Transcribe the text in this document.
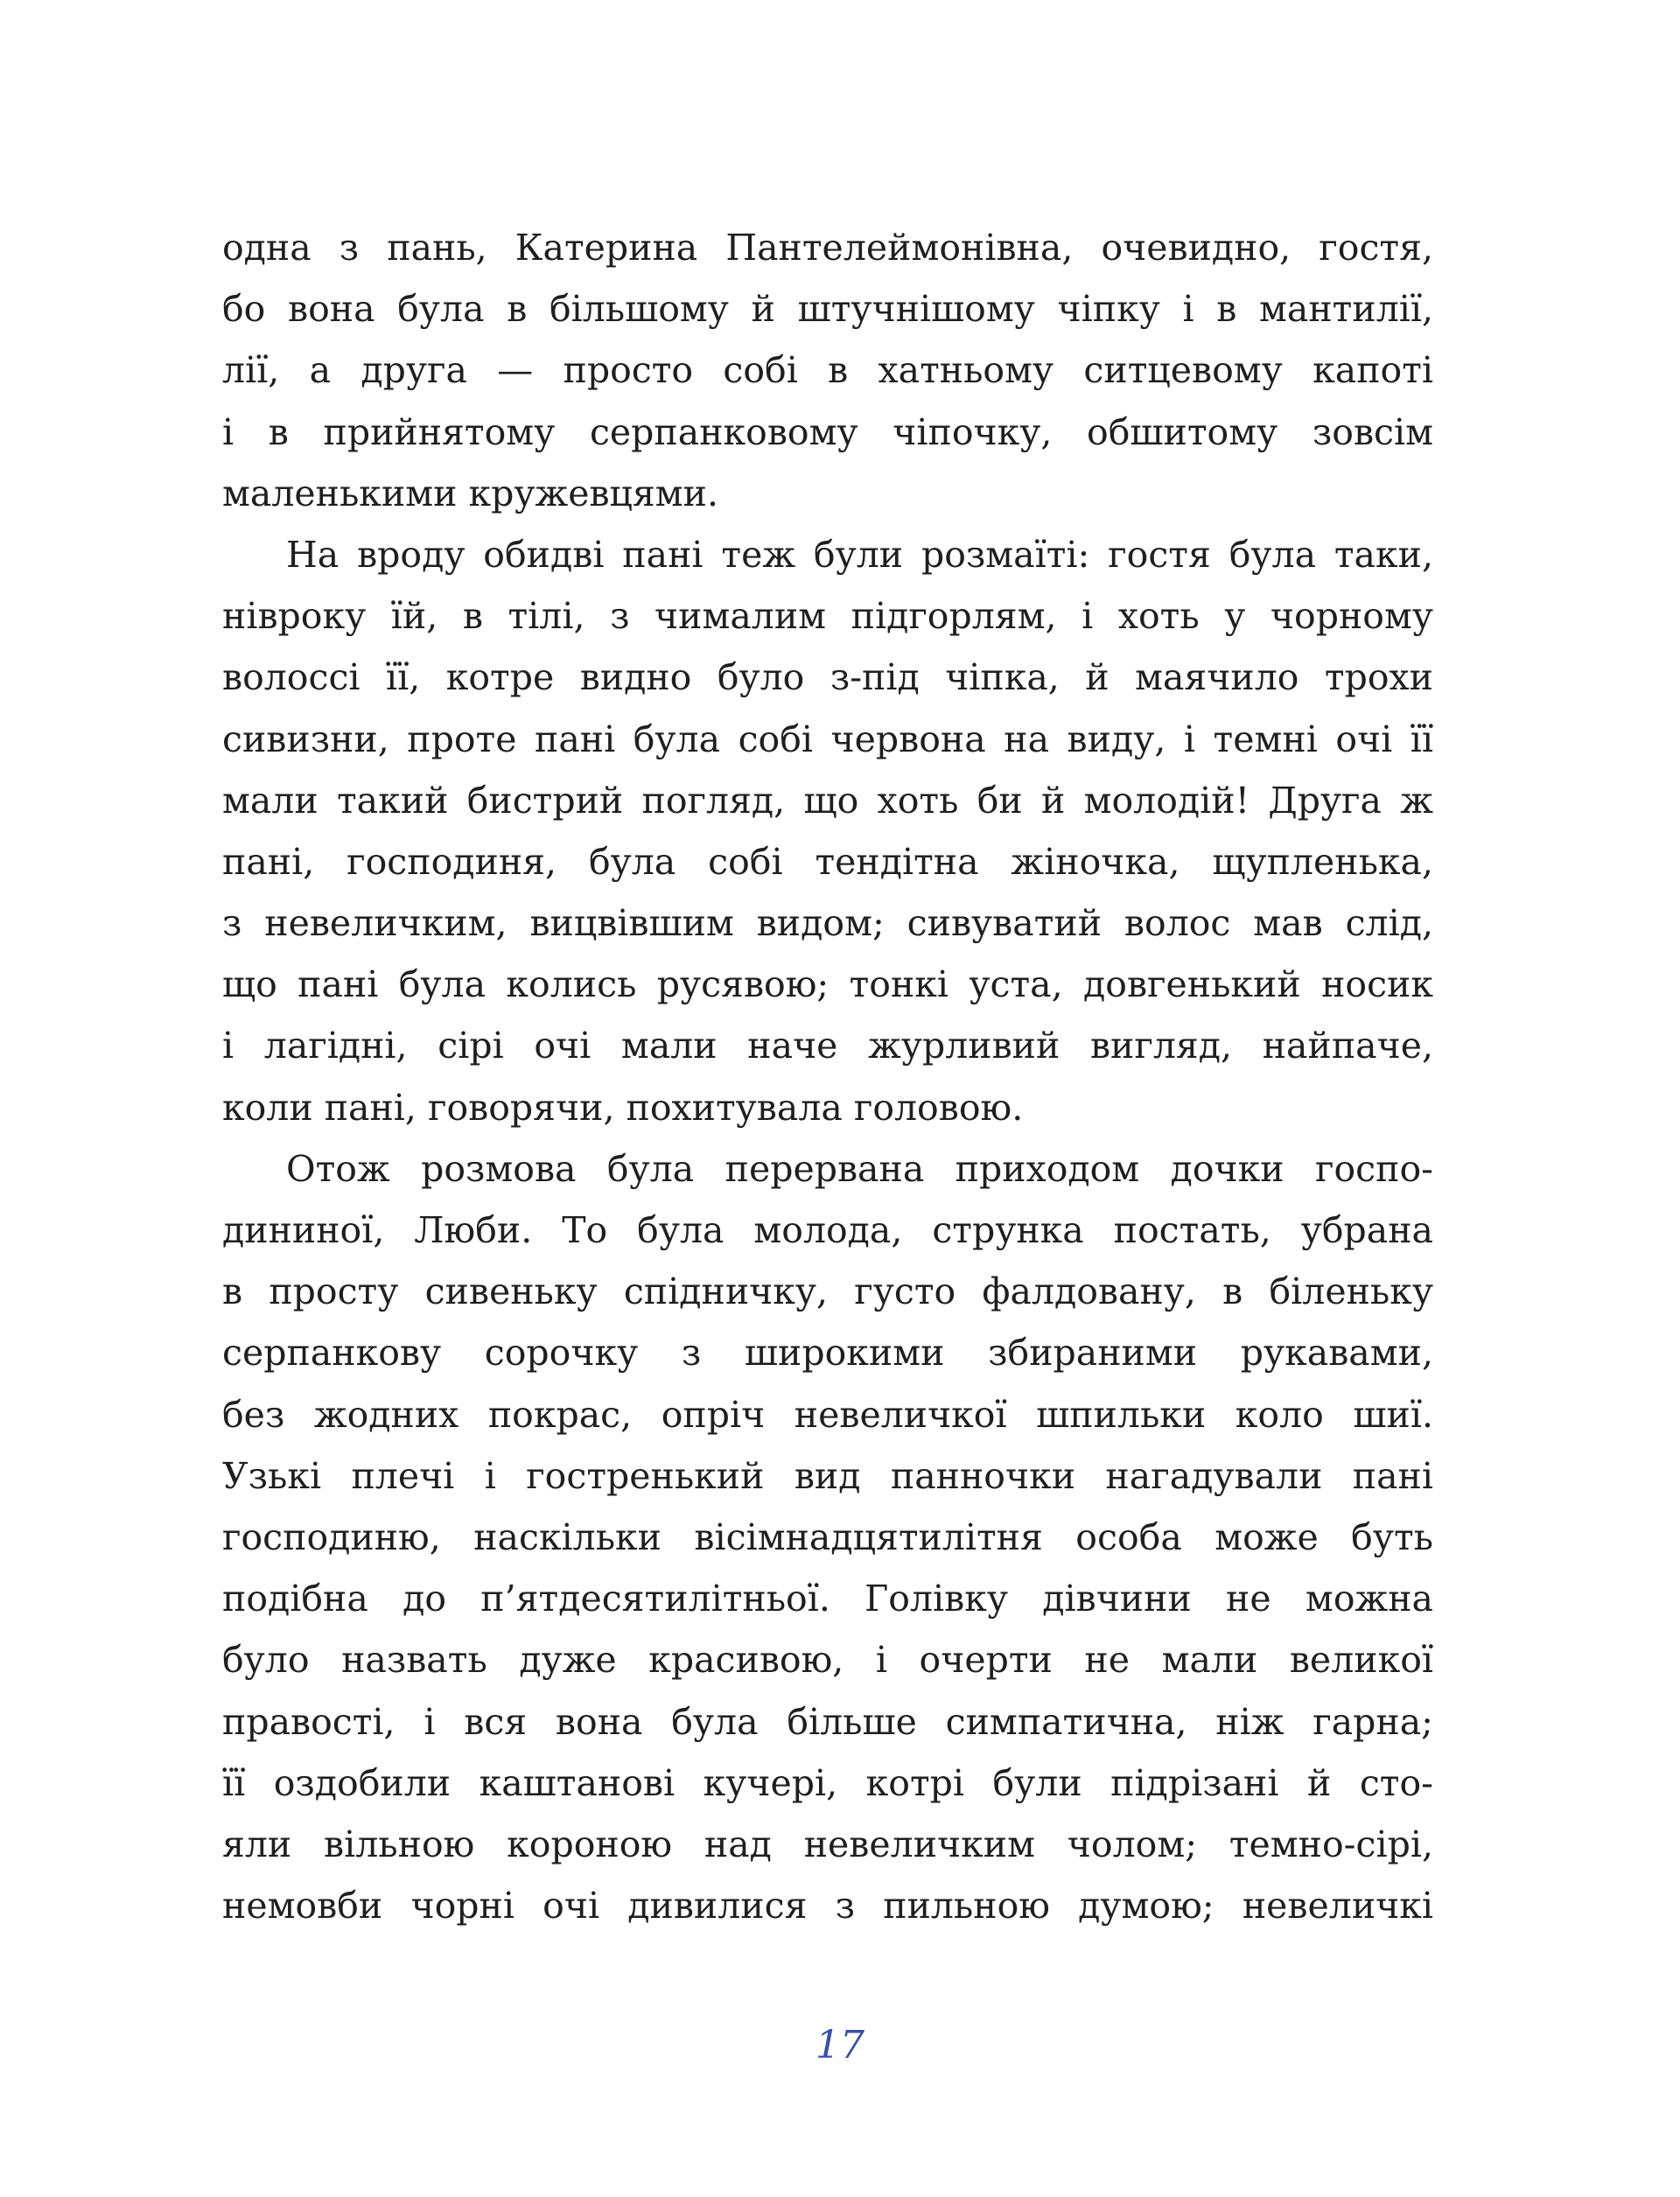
одна з пань, Катерина Пантелеймонівна, очевидно, гостя,
бо вона була в більшому й штучнішому чіпку і в мантилії,
лії, а друга — просто собі в хатньому ситцевому капоті
і в прийнятому серпанковому чіпочку, обшитому зовсім
маленькими кружевцями.
На вроду обидві пані теж були розмаїті: гостя була таки,
нівроку їй, в тілі, з чималим підгорлям, і хоть у чорному
волоссі її, котре видно було з-під чіпка, й маячило трохи
сивизни, проте пані була собі червона на виду, і темні очі її
мали такий бистрий погляд, що хоть би й молодій! Друга ж
пані, господиня, була собі тендітна жіночка, щупленька,
з невеличким, вицвівшим видом; сивуватий волос мав слід,
що пані була колись русявою; тонкі уста, довгенький носик
і лагідні, сірі очі мали наче журливий вигляд, найпаче,
коли пані, говорячи, похитувала головою.
Отож розмова була перервана приходом дочки госпо-
дининої, Люби. То була молода, стрункa постать, убрана
в просту сивеньку спідничку, густо фалдовану, в біленьку
серпанкову сорочку з широкими збираними рукавами,
без жодних покрас, опріч невеличкої шпильки коло шиї.
Узькі плечі і гостренький вид панночки нагадували пані
господиню, наскільки вісімнадцятилітня особа може буть
подібна до п’ятдесятилітньої. Голівку дівчини не можна
було назвать дуже красивою, і очерти не мали великої
правості, і вся вона була більше симпатична, ніж гарна;
її оздобили каштанові кучері, котрі були підрізані й сто-
яли вільною короною над невеличким чолом; темно-сірі,
немовби чорні очі дивилися з пильною думою; невеличкі
17
